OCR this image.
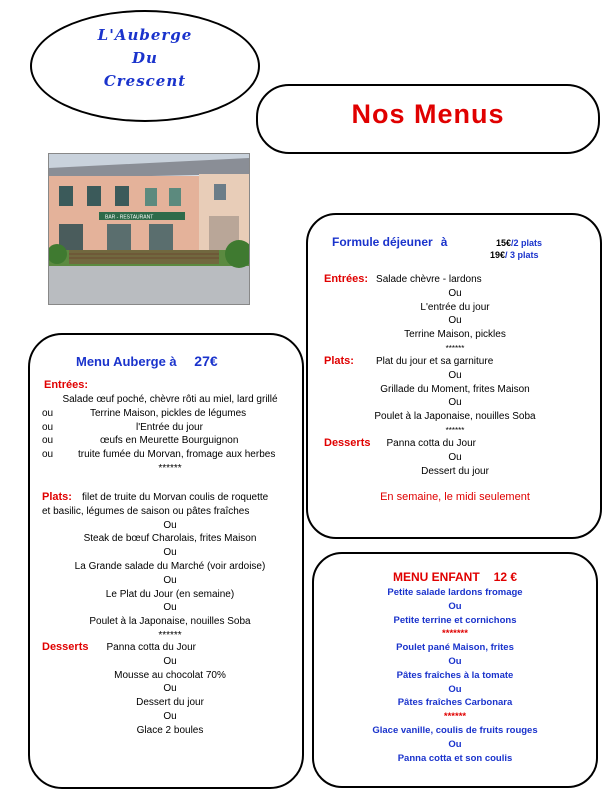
L'Auberge
Du
Crescent
Nos Menus
BAR - RESTAURANT
Menu Auberge à 27€
Entrées:
Salade œuf poché, chèvre rôti au miel, lard grillé
ou	Terrine Maison, pickles de légumes
ou	l'Entrée du jour
ou	œufs en Meurette Bourguignon
ou	truite fumée du Morvan, fromage aux herbes
******
Plats: filet de truite du Morvan coulis de roquette
et basilic, légumes de saison ou pâtes fraîches
Ou
Steak de bœuf Charolais, frites Maison
Ou
La Grande salade du Marché (voir ardoise)
Ou
Le Plat du Jour (en semaine)
Ou
Poulet à la Japonaise, nouilles Soba
******
Desserts Panna cotta du Jour
Ou
Mousse au chocolat 70%
Ou
Dessert du jour
Ou
Glace 2 boules
Formule déjeuner à	15€/2 plats
19€/ 3 plats
Entrées: Salade chèvre - lardons
Ou
L'entrée du jour
Ou
Terrine Maison, pickles
******
Plats: Plat du jour et sa garniture
Ou
Grillade du Moment, frites Maison
Ou
Poulet à la Japonaise, nouilles Soba
******
Desserts Panna cotta du Jour
Ou
Dessert du jour
En semaine, le midi seulement
MENU ENFANT 12 €
Petite salade lardons fromage
Ou
Petite terrine et cornichons
*******
Poulet pané Maison, frites
Ou
Pâtes fraîches à la tomate
Ou
Pâtes fraîches Carbonara
******
Glace vanille, coulis de fruits rouges
Ou
Panna cotta et son coulis
